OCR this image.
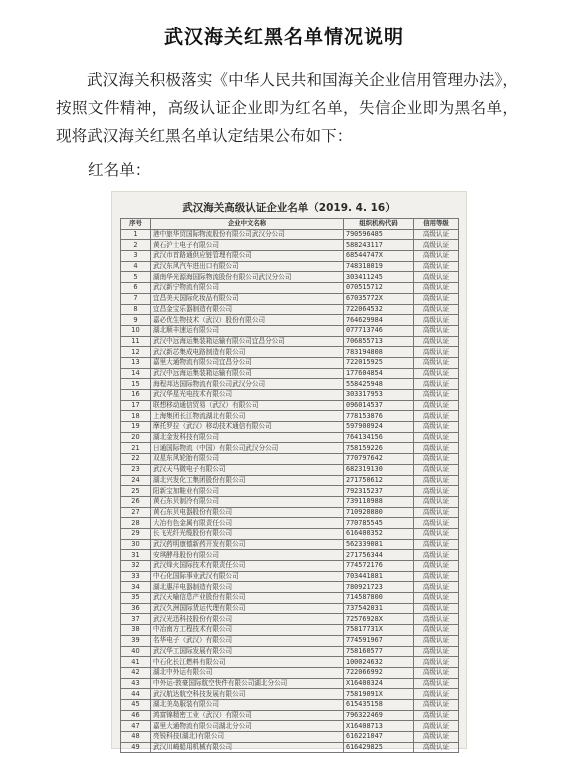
武汉海关红黑名单情况说明
武汉海关积极落实《中华人民共和国海关企业信用管理办法》，按照文件精神，高级认证企业即为红名单，失信企业即为黑名单，现将武汉海关红黑名单认定结果公布如下：
红名单：
武汉海关高级认证企业名单（2019. 4. 16）
序号	企业中文名称	组织机构代码	信用等级
1	港中旅华贸国际物流股份有限公司武汉分公司	790596485	高级认证
2	黄石沪士电子有限公司	588243117	高级认证
3	武汉市首路通供应链管理有限公司	68544747X	高级认证
4	武汉东风汽车进出口有限公司	748318019	高级认证
5	湖南华光源海国际物流股份有限公司武汉分公司	303411245	高级认证
6	武汉新宁物流有限公司	070515712	高级认证
7	宜昌美天国际化妆品有限公司	67035772X	高级认证
8	宜昌金宝乐器制造有限公司	722064532	高级认证
9	嘉必优生物技术（武汉）股份有限公司	764629984	高级认证
10	湖北顺丰速运有限公司	077713746	高级认证
11	武汉中远海运集装箱运输有限公司宜昌分公司	706855713	高级认证
12	武汉新芯集成电路制造有限公司	783194808	高级认证
13	嘉里大通物流有限公司宜昌分公司	722015925	高级认证
14	武汉中远海运集装箱运输有限公司	177604854	高级认证
15	海程邦达国际物流有限公司武汉分公司	558425948	高级认证
16	武汉华星光电技术有限公司	303317953	高级认证
17	联想移动通信贸易（武汉）有限公司	096014537	高级认证
18	上海集团长江物流湖北有限公司	778153876	高级认证
19	摩托罗拉（武汉）移动技术通信有限公司	597900924	高级认证
20	湖北金发科技有限公司	764134156	高级认证
21	日通国际物流（中国）有限公司武汉分公司	758159226	高级认证
22	双星东风轮胎有限公司	770797642	高级认证
23	武汉天马微电子有限公司	682319130	高级认证
24	湖北兴发化工集团股份有限公司	271750612	高级认证
25	阳新宝加鞋业有限公司	792315237	高级认证
26	黄石东贝制冷有限公司	739110988	高级认证
27	黄石东贝电器股份有限公司	710920880	高级认证
28	大冶有色金属有限责任公司	770785545	高级认证
29	长飞光纤光缆股份有限公司	616400352	高级认证
30	武汉药明康德新药开发有限公司	562339081	高级认证
31	安琪酵母股份有限公司	271756344	高级认证
32	武汉烽火国际技术有限责任公司	774572176	高级认证
33	中石化国际事业武汉有限公司	703441881	高级认证
34	湖北惠洋电器制造有限公司	780921723	高级认证
35	武汉天喻信息产业股份有限公司	714587800	高级认证
36	武汉久洲国际货运代理有限公司	737542031	高级认证
37	武汉光迅科技股份有限公司	72576928X	高级认证
38	中冶南方工程技术有限公司	75817731X	高级认证
39	名华电子（武汉）有限公司	774591967	高级认证
40	武汉华工国际发展有限公司	758160577	高级认证
41	中石化长江燃料有限公司	100024632	高级认证
42	湖北中外运有限公司	722066992	高级认证
43	中外运-敦豪国际航空快件有限公司湖北分公司	X16400324	高级认证
44	武汉航达航空科技发展有限公司	75819091X	高级认证
45	湖北美岛服装有限公司	615435158	高级认证
46	鸿富锦精密工业（武汉）有限公司	796322469	高级认证
47	嘉里大通物流有限公司湖北分公司	X16408713	高级认证
48	亮锐科技(湖北)有限公司	616221047	高级认证
49	武汉川崎船用机械有限公司	616429825	高级认证
